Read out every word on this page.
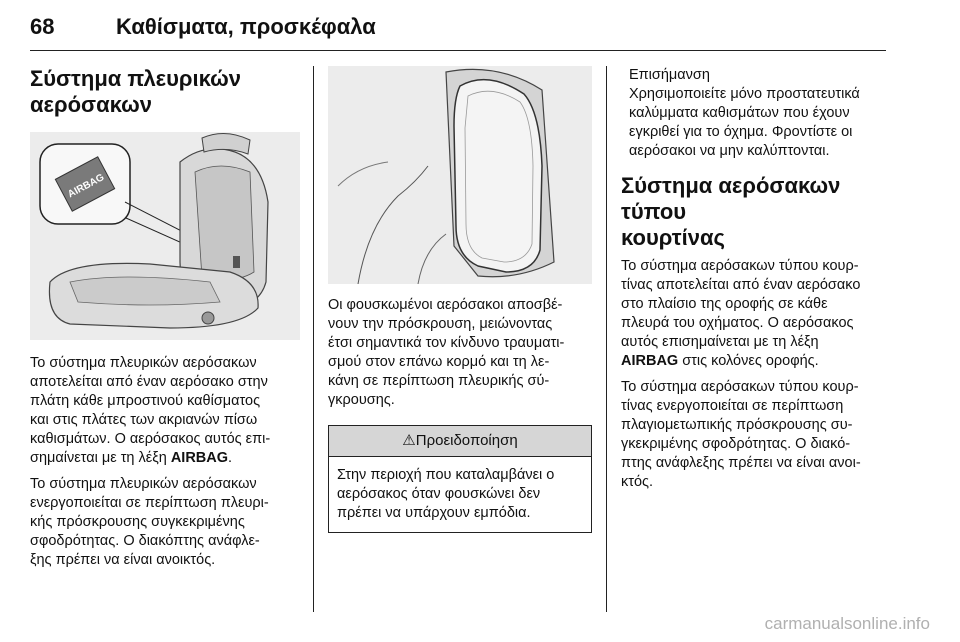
68	Καθίσματα, προσκέφαλα
Σύστημα πλευρικών
αερόσακων
AIRBAG

Το σύστημα πλευρικών αερόσακων
αποτελείται από έναν αερόσακο στην
πλάτη κάθε μπροστινού καθίσματος
και στις πλάτες των ακριανών πίσω
καθισμάτων. Ο αερόσακος αυτός επι-
σημαίνεται με τη λέξη AIRBAG.

Το σύστημα πλευρικών αερόσακων
ενεργοποιείται σε περίπτωση πλευρι-
κής πρόσκρουσης συγκεκριμένης
σφοδρότητας. Ο διακόπτης ανάφλε-
ξης πρέπει να είναι ανοικτός.

Οι φουσκωμένοι αερόσακοι αποσβέ-
νουν την πρόσκρουση, μειώνοντας
έτσι σημαντικά τον κίνδυνο τραυματι-
σμού στον επάνω κορμό και τη λε-
κάνη σε περίπτωση πλευρικής σύ-
γκρουσης.

⚠Προειδοποίηση

Στην περιοχή που καταλαμβάνει ο
αερόσακος όταν φουσκώνει δεν
πρέπει να υπάρχουν εμπόδια.

Επισήμανση
Χρησιμοποιείτε μόνο προστατευτικά
καλύμματα καθισμάτων που έχουν
εγκριθεί για το όχημα. Φροντίστε οι
αερόσακοι να μην καλύπτονται.

Σύστημα αερόσακων τύπου
κουρτίνας

Το σύστημα αερόσακων τύπου κουρ-
τίνας αποτελείται από έναν αερόσακο
στο πλαίσιο της οροφής σε κάθε
πλευρά του οχήματος. Ο αερόσακος
αυτός επισημαίνεται με τη λέξη
AIRBAG στις κολόνες οροφής.

Το σύστημα αερόσακων τύπου κουρ-
τίνας ενεργοποιείται σε περίπτωση
πλαγιομετωπικής πρόσκρουσης συ-
γκεκριμένης σφοδρότητας. Ο διακό-
πτης ανάφλεξης πρέπει να είναι ανοι-
κτός.

carmanualsonline.info
